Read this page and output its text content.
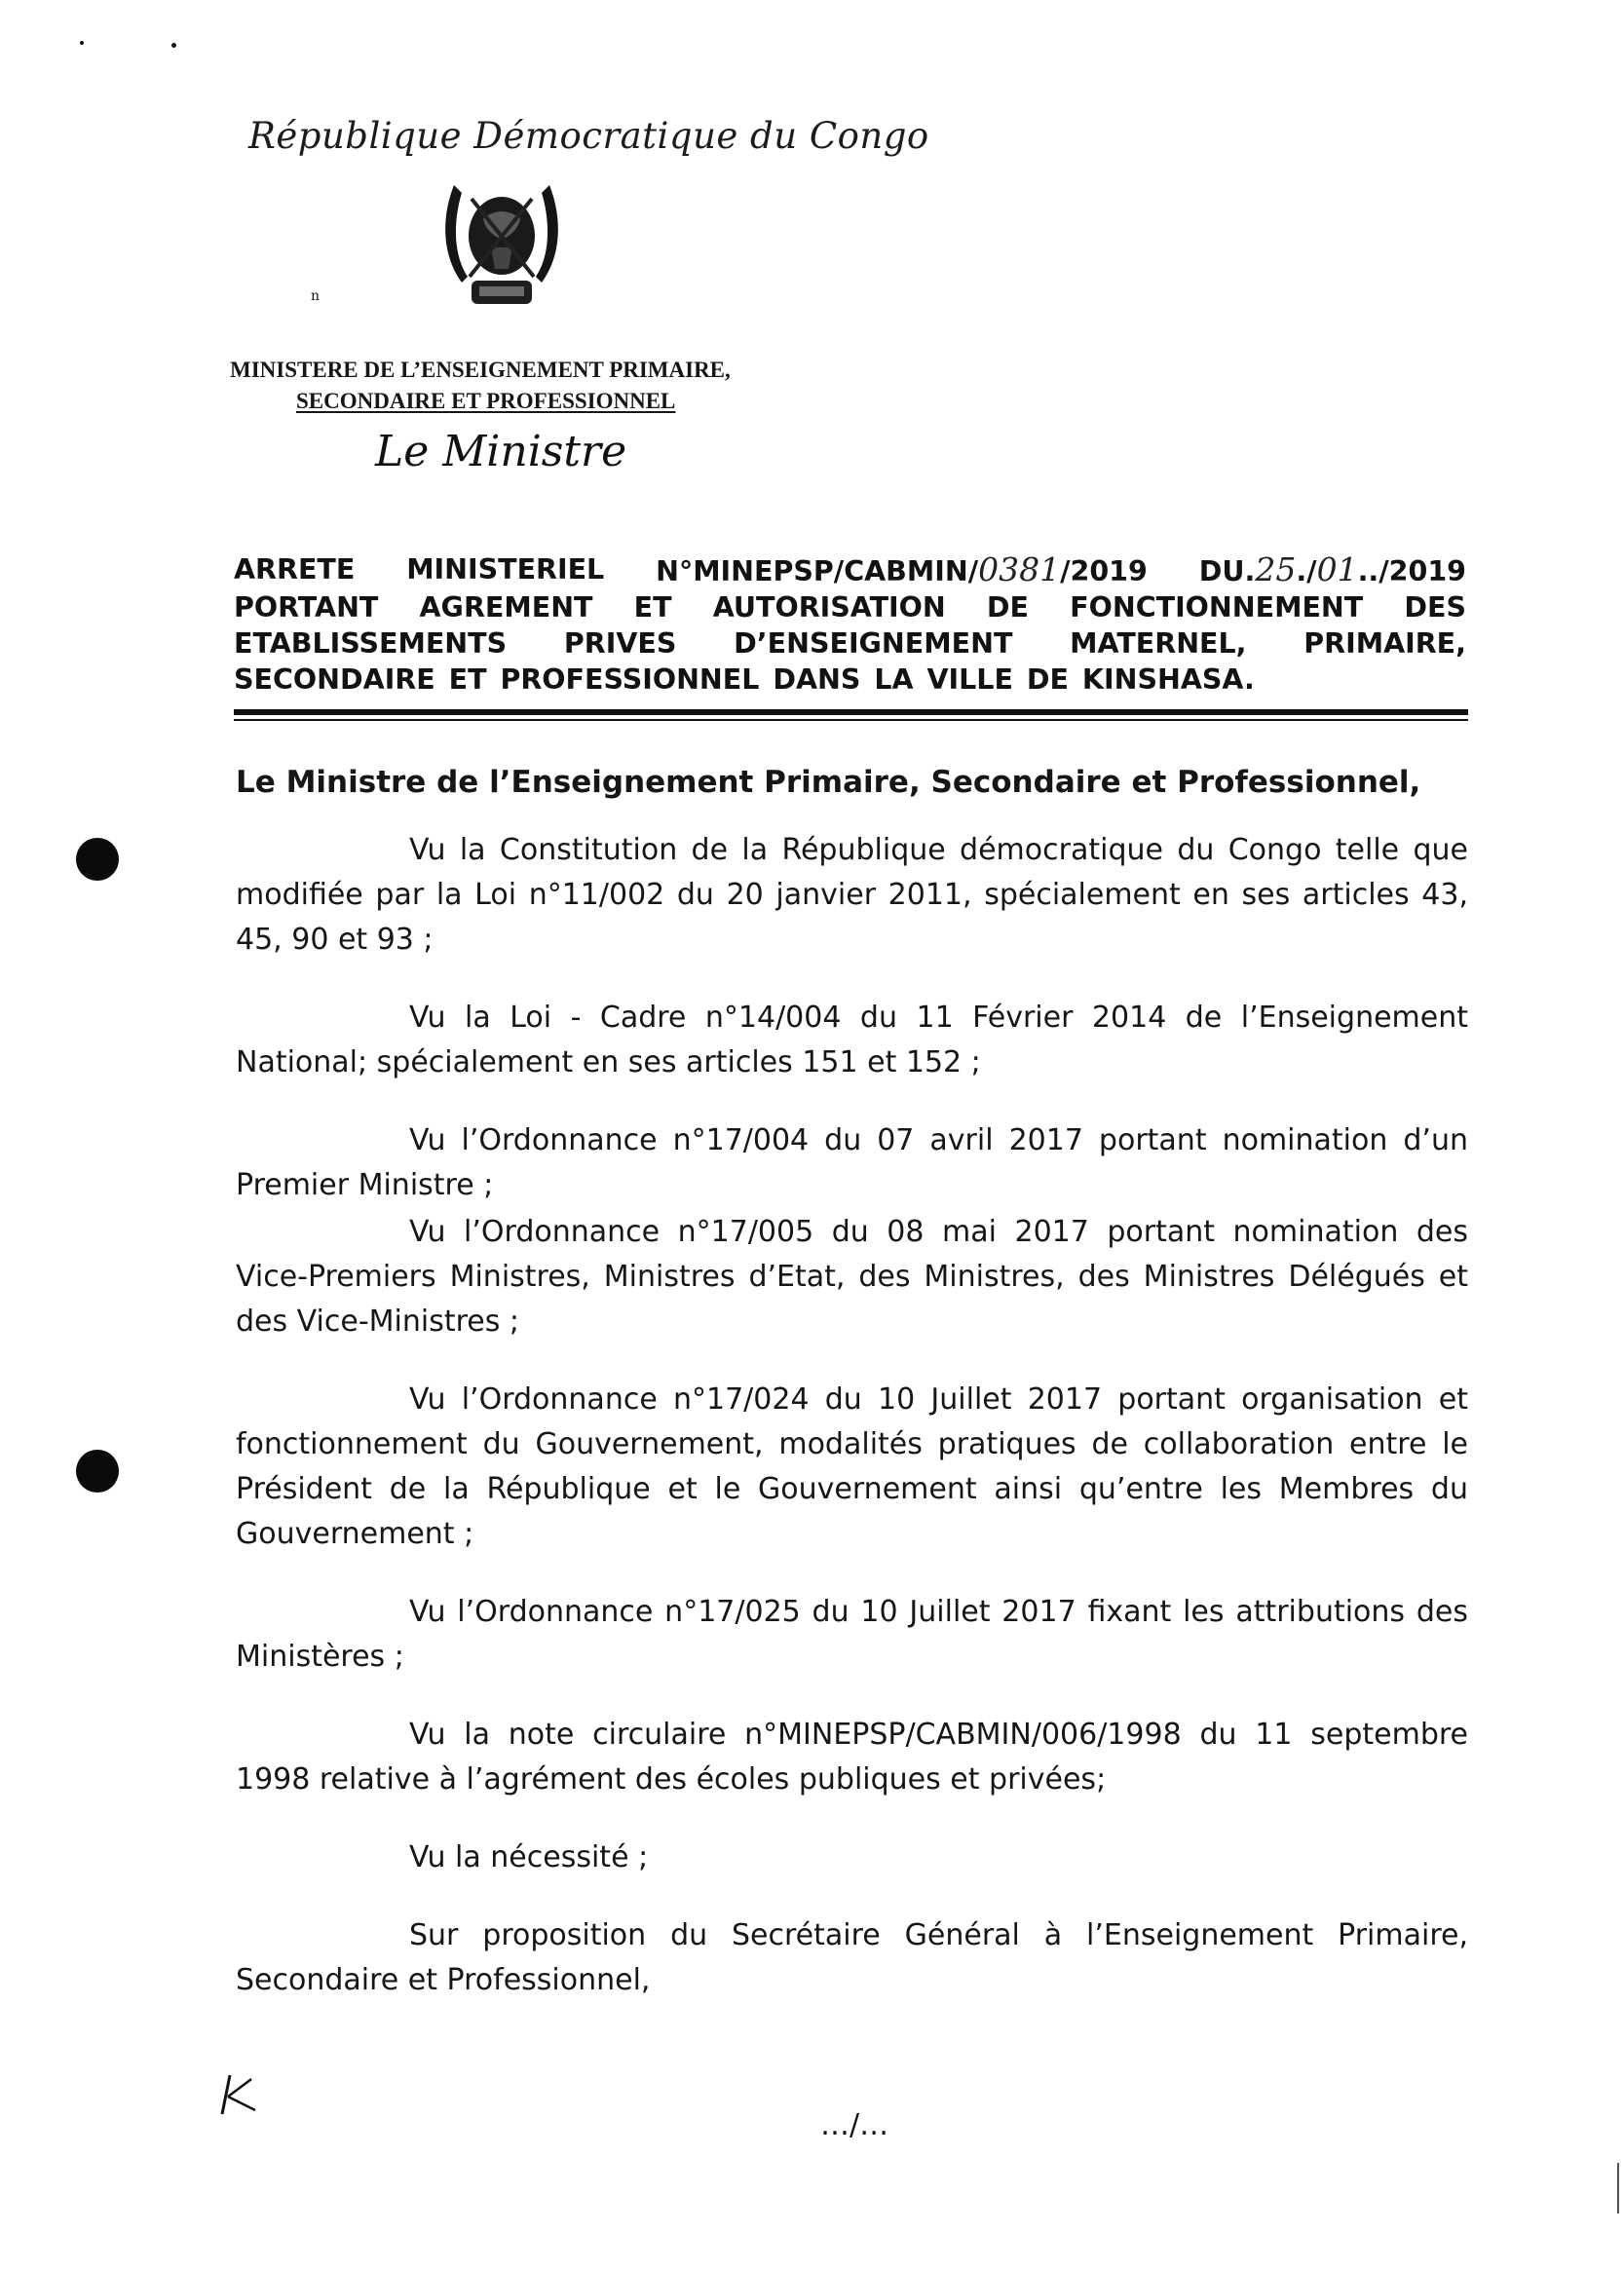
République Démocratique du Congo
n
MINISTERE DE L’ENSEIGNEMENT PRIMAIRE,
SECONDAIRE ET PROFESSIONNEL
Le Ministre
ARRETE MINISTERIEL N°MINEPSP/CABMIN/0381/2019 DU.25./01../2019
PORTANT AGREMENT ET AUTORISATION DE FONCTIONNEMENT DES
ETABLISSEMENTS PRIVES D’ENSEIGNEMENT MATERNEL, PRIMAIRE,
SECONDAIRE ET PROFESSIONNEL DANS LA VILLE DE KINSHASA.

Le Ministre de l’Enseignement Primaire, Secondaire et Professionnel,

Vu la Constitution de la République démocratique du Congo telle que modifiée par la Loi n°11/002 du 20 janvier 2011, spécialement en ses articles 43, 45, 90 et 93 ;

Vu la Loi - Cadre n°14/004 du 11 Février 2014 de l’Enseignement National; spécialement en ses articles 151 et 152 ;

Vu l’Ordonnance n°17/004 du 07 avril 2017 portant nomination d’un Premier Ministre ;

Vu l’Ordonnance n°17/005 du 08 mai 2017 portant nomination des Vice-Premiers Ministres, Ministres d’Etat, des Ministres, des Ministres Délégués et des Vice-Ministres ;

Vu l’Ordonnance n°17/024 du 10 Juillet 2017 portant organisation et fonctionnement du Gouvernement, modalités pratiques de collaboration entre le Président de la République et le Gouvernement ainsi qu’entre les Membres du Gouvernement ;

Vu l’Ordonnance n°17/025 du 10 Juillet 2017 fixant les attributions des Ministères ;

Vu la note circulaire n°MINEPSP/CABMIN/006/1998 du 11 septembre 1998 relative à l’agrément des écoles publiques et privées;

Vu la nécessité ;

Sur proposition du Secrétaire Général à l’Enseignement Primaire, Secondaire et Professionnel,

…/…
